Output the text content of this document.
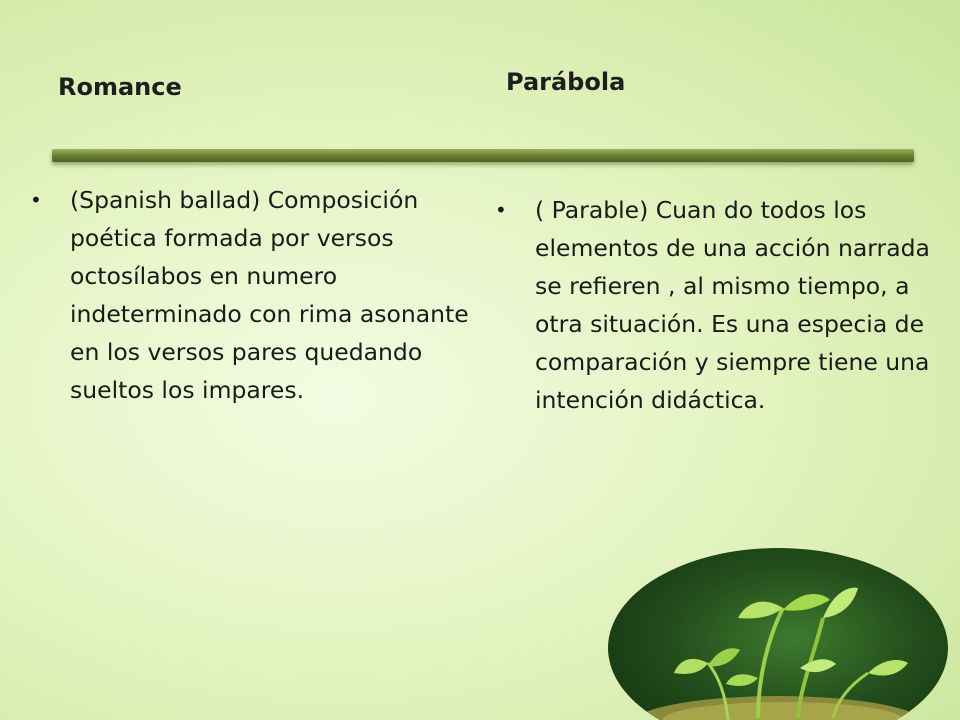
Romance	Parábola
•	(Spanish ballad) Composición poética formada por versos octosílabos en numero indeterminado con rima asonante en los versos pares quedando sueltos los impares.
•	( Parable) Cuan do todos los elementos de una acción narrada se refieren , al mismo tiempo, a otra situación. Es una especia de comparación y siempre tiene una intención didáctica.
